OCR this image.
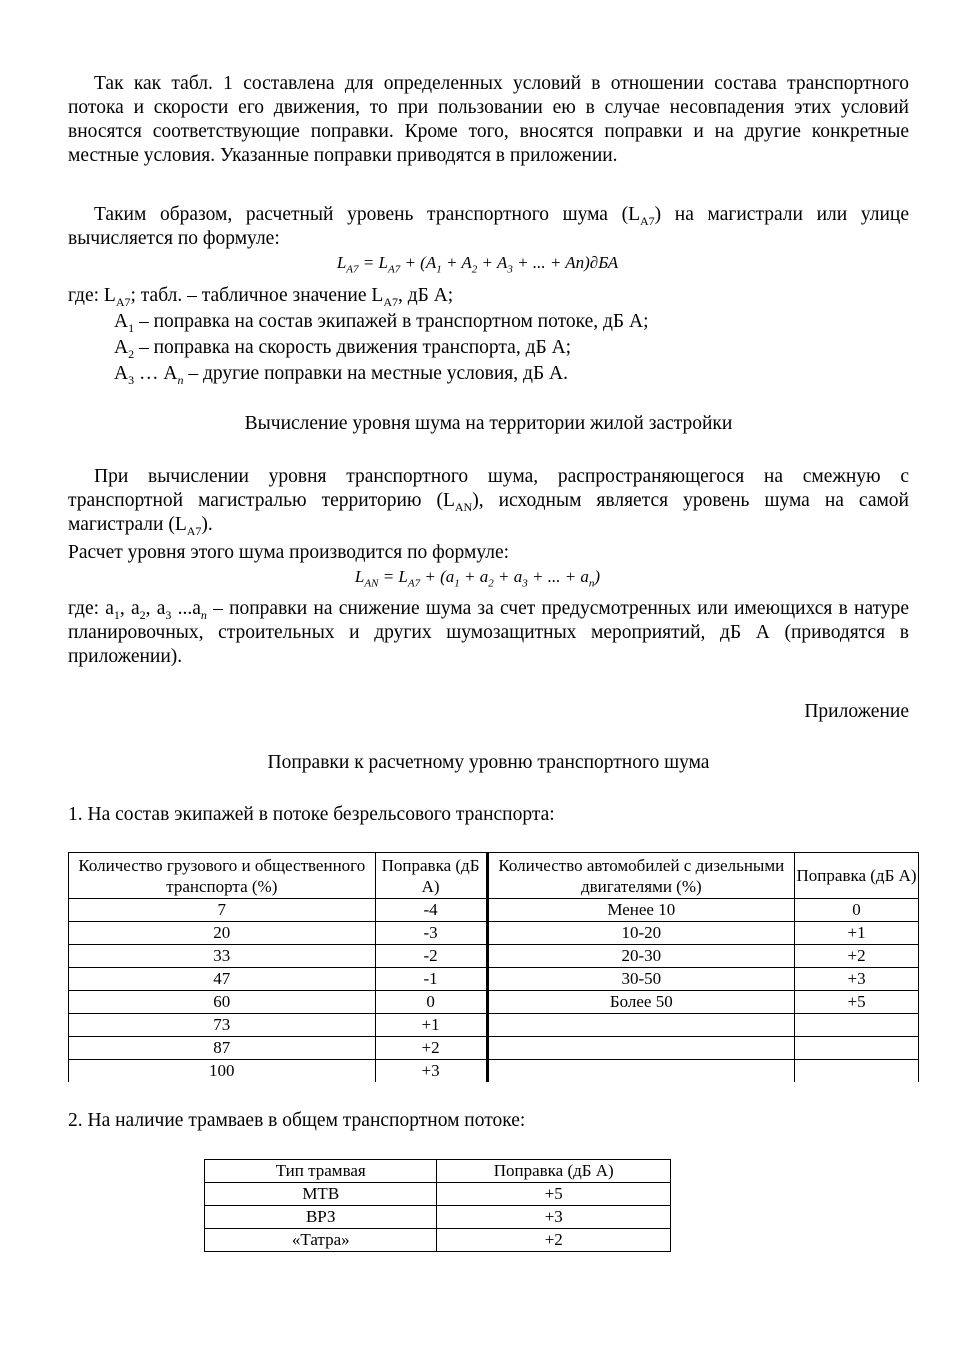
Так как табл. 1 составлена для определенных условий в отношении состава транспортного потока и скорости его движения, то при пользовании ею в случае несовпадения этих условий вносятся соответствующие поправки. Кроме того, вносятся поправки и на другие конкретные местные условия. Указанные поправки приводятся в приложении.
Таким образом, расчетный уровень транспортного шума $(L_{А7})$ на магистрали или улице вычисляется по формуле:
$L_{A7} = L_{A7} + (A_1 + A_2 + A_3$ + ... + An)∂БА
где: $L_{А7}$; табл. – табличное значение $L_{А7}$, дБ А;
$А_1$ – поправка на состав экипажей в транспортном потоке, дБ А;
$А_2$ – поправка на скорость движения транспорта, дБ А;
$А_3$ … $А_n$ – другие поправки на местные условия, дБ А.
Вычисление уровня шума на территории жилой застройки
При вычислении уровня транспортного шума, распространяющегося на смежную с транспортной магистралью территорию $(L_{AN})$, исходным является уровень шума на самой магистрали $(L_{А7})$.
Расчет уровня этого шума производится по формуле:
$L_{AN} = L_{A7} + (a_1 + a_2 + a_3$ + ... + $a_n$)
где: $а_1$, $а_2$, $а_3$ $...а_n$ – поправки на снижение шума за счет предусмотренных или имеющихся в натуре планировочных, строительных и других шумозащитных мероприятий, дБ А (приводятся в приложении).
Приложение
Поправки к расчетному уровню транспортного шума
1. На состав экипажей в потоке безрельсового транспорта:
Количество грузового и общественного транспорта (%)	Поправка (дБ А)	Количество автомобилей с дизельными двигателями (%)	Поправка (дБ А)
7	-4	Менее 10	0
20	-3	10-20	+1
33	-2	20-30	+2
47	-1	30-50	+3
60	0	Более 50	+5
73	+1		
87	+2		
100	+3		
2. На наличие трамваев в общем транспортном потоке:
Тип трамвая	Поправка (дБ А)
МТВ	+5
ВРЗ	+3
«Татра»	+2
